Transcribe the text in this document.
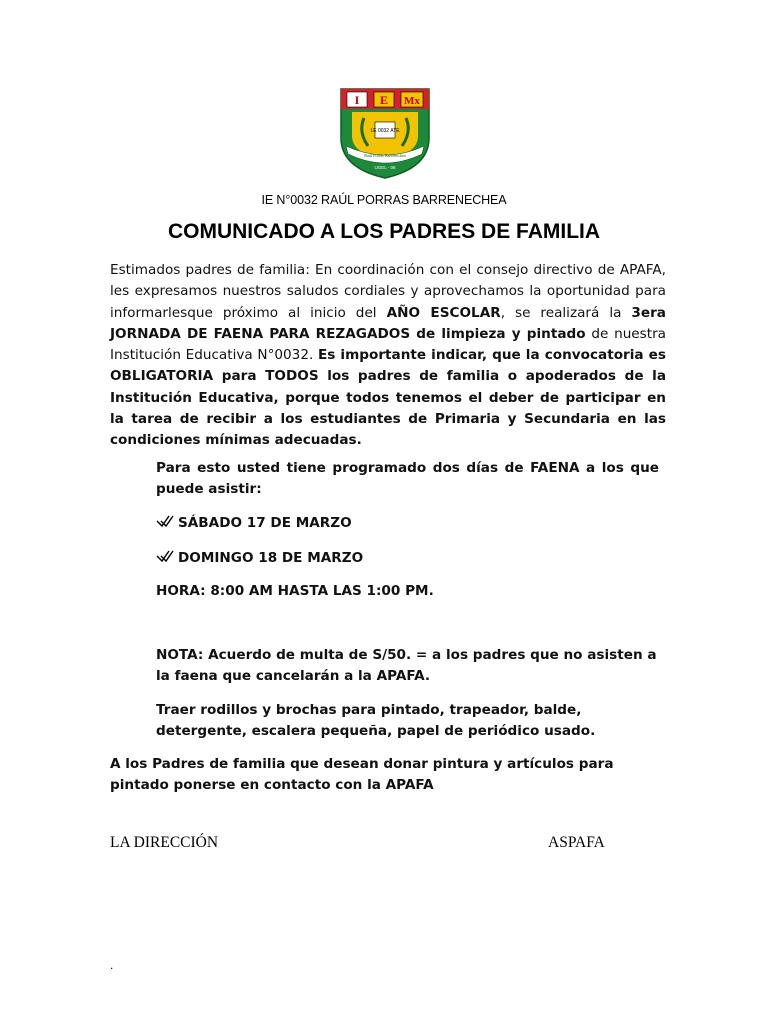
I E Mx
I.E 0032 ATE
Raúl Porras Barrenechea
UGEL - 06
IE N°0032 RAÚL PORRAS BARRENECHEA
COMUNICADO A LOS PADRES DE FAMILIA
Estimados padres de familia: En coordinación con el consejo directivo de APAFA, les expresamos nuestros saludos cordiales y aprovechamos la oportunidad para informarlesque próximo al inicio del AÑO ESCOLAR, se realizará la 3era JORNADA DE FAENA PARA REZAGADOS de limpieza y pintado de nuestra Institución Educativa N°0032. Es importante indicar, que la convocatoria es OBLIGATORIA para TODOS los padres de familia o apoderados de la Institución Educativa, porque todos tenemos el deber de participar en la tarea de recibir a los estudiantes de Primaria y Secundaria en las condiciones mínimas adecuadas.
Para esto usted tiene programado dos días de FAENA a los que puede asistir:
SÁBADO 17 DE MARZO
DOMINGO 18 DE MARZO
HORA: 8:00 AM HASTA LAS 1:00 PM.
NOTA: Acuerdo de multa de S/50. = a los padres que no asisten a la faena que cancelarán a la APAFA.
Traer rodillos y brochas para pintado, trapeador, balde, detergente, escalera pequeña, papel de periódico usado.
A los Padres de familia que desean donar pintura y artículos para pintado ponerse en contacto con la APAFA
LA DIRECCIÓN	ASPAFA
.
